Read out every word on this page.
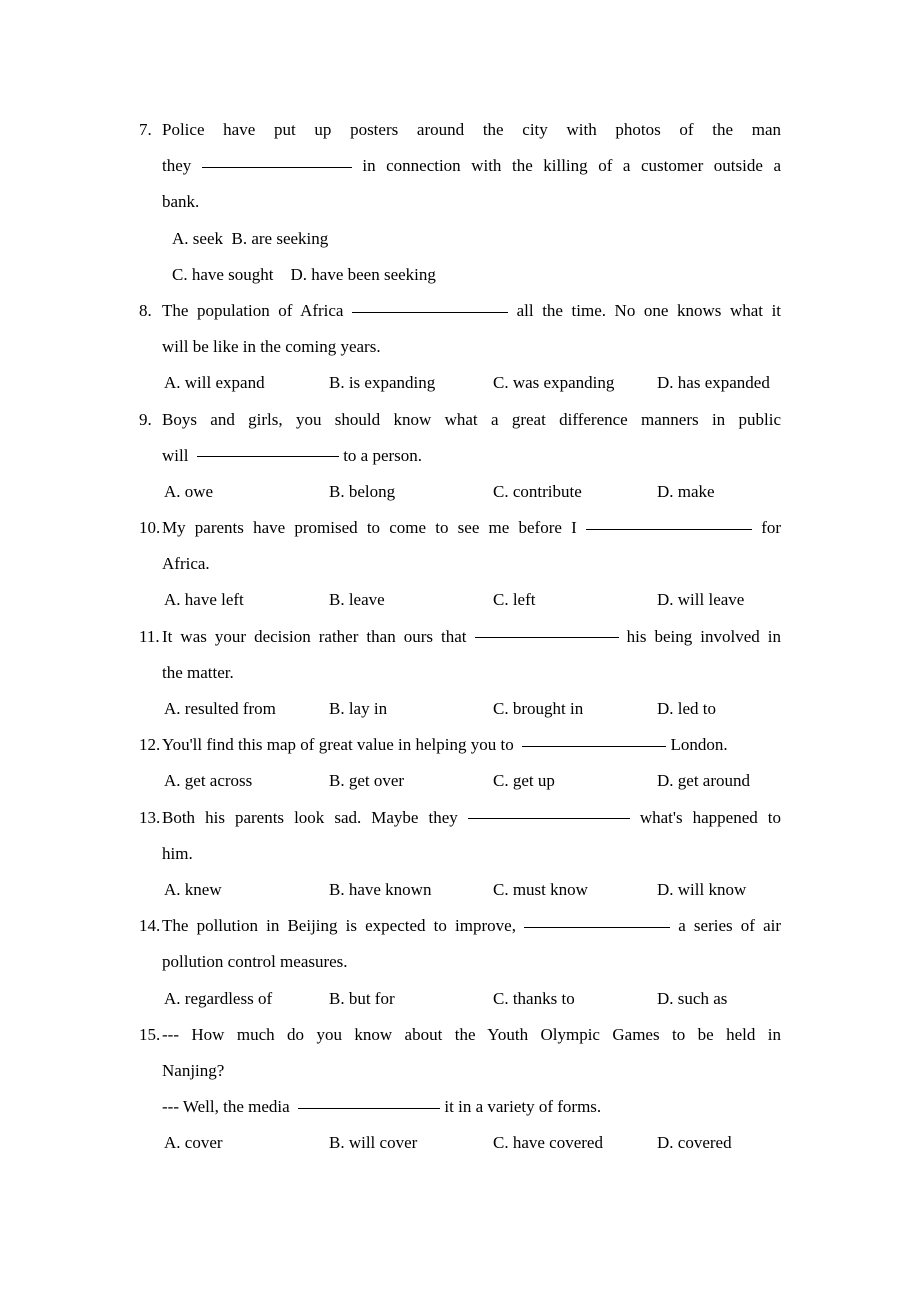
7. Police have put up posters around the city with photos of the man
they	in connection with the killing of a customer outside a
bank.
A. seek  B. are seeking
C. have sought    D. have been seeking
8. The population of Africa	all the time. No one knows what it
will be like in the coming years.
A. will expand	B. is expanding	C. was expanding	D. has expanded
9. Boys and girls, you should know what a great difference manners in public
will	to a person.
A. owe	B. belong	C. contribute	D. make
10. My parents have promised to come to see me before I	for
Africa.
A. have left	B. leave	C. left	D. will leave
11. It was your decision rather than ours that	his being involved in
the matter.
A. resulted from	B. lay in	C. brought in	D. led to
12. You'll find this map of great value in helping you to	London.
A. get across	B. get over	C. get up	D. get around
13. Both his parents look sad. Maybe they	what's happened to
him.
A. knew	B. have known	C. must know	D. will know
14. The pollution in Beijing is expected to improve,	a series of air
pollution control measures.
A. regardless of	B. but for	C. thanks to	D. such as
15. --- How much do you know about the Youth Olympic Games to be held in
Nanjing?
--- Well, the media	it in a variety of forms.
A. cover	B. will cover	C. have covered	D. covered
